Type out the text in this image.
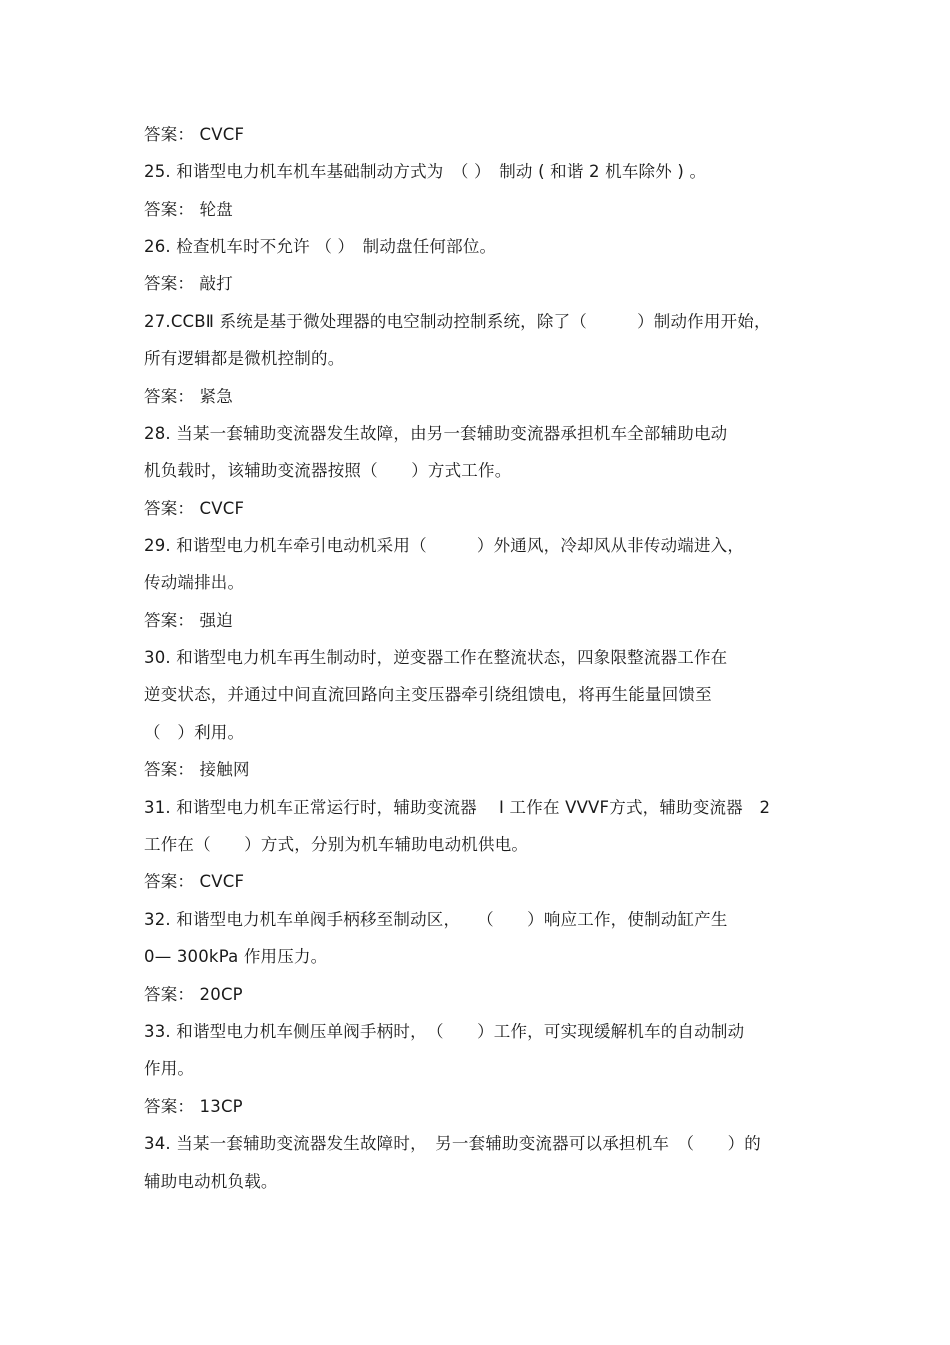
答案： CVCF
25. 和谐型电力机车机车基础制动方式为　（ ）　制动 ( 和谐 2 机车除外 ) 。
答案： 轮盘
26. 检查机车时不允许 （ ）　制动盘任何部位。
答案： 敲打
27.CCBⅡ 系统是基于微处理器的电空制动控制系统，除了（　　　）制动作用开始，
所有逻辑都是微机控制的。
答案： 紧急
28. 当某一套辅助变流器发生故障，由另一套辅助变流器承担机车全部辅助电动
机负载时，该辅助变流器按照（　　）方式工作。
答案： CVCF
29. 和谐型电力机车牵引电动机采用（　　　）外通风，冷却风从非传动端进入，
传动端排出。
答案： 强迫
30. 和谐型电力机车再生制动时，逆变器工作在整流状态，四象限整流器工作在
逆变状态，并通过中间直流回路向主变压器牵引绕组馈电，将再生能量回馈至
（　）利用。
答案： 接触网
31. 和谐型电力机车正常运行时，辅助变流器　 Ⅰ 工作在 VVVF方式，辅助变流器　2
工作在（　　）方式，分别为机车辅助电动机供电。
答案： CVCF
32. 和谐型电力机车单阀手柄移至制动区，　　（　　）响应工作，使制动缸产生
0— 300kPa 作用压力。
答案： 20CP
33. 和谐型电力机车侧压单阀手柄时，　（　　）工作，可实现缓解机车的自动制动
作用。
答案： 13CP
34. 当某一套辅助变流器发生故障时，　另一套辅助变流器可以承担机车　（　　）的
辅助电动机负载。
